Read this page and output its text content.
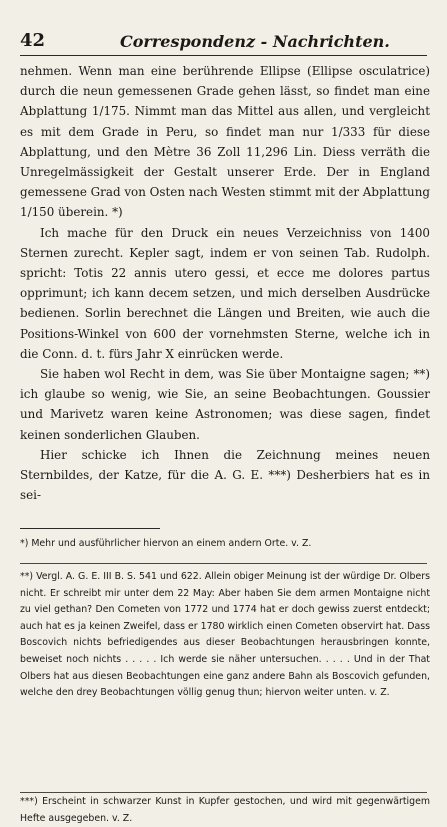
42	Correspondenz - Nachrichten.

nehmen. Wenn man eine berührende Ellipse (Ellipse osculatrice) durch die neun gemessenen Grade gehen lässt, so findet man eine Abplattung 1/175. Nimmt man das Mittel aus allen, und vergleicht es mit dem Grade in Peru, so findet man nur 1/333 für diese Abplattung, und den Mètre 36 Zoll 11,296 Lin. Diess verräth die Unregelmässigkeit der Gestalt unserer Erde. Der in England gemessene Grad von Osten nach Westen stimmt mit der Abplattung 1/150 überein. *)

Ich mache für den Druck ein neues Verzeichniss von 1400 Sternen zurecht. Kepler sagt, indem er von seinen Tab. Rudolph. spricht: Totis 22 annis utero gessi, et ecce me dolores partus opprimunt; ich kann decem setzen, und mich derselben Ausdrücke bedienen. Sorlin berechnet die Längen und Breiten, wie auch die Positions-Winkel von 600 der vornehmsten Sterne, welche ich in die Conn. d. t. fürs Jahr X einrücken werde.

Sie haben wol Recht in dem, was Sie über Montaigne sagen; **) ich glaube so wenig, wie Sie, an seine Beobachtungen. Goussier und Marivetz waren keine Astronomen; was diese sagen, findet keinen sonderlichen Glauben.

Hier schicke ich Ihnen die Zeichnung meines neuen Sternbildes, der Katze, für die A. G. E. ***) Desherbiers hat es in sei-

*) Mehr und ausführlicher hiervon an einem andern Orte. v. Z.

**) Vergl. A. G. E. III B. S. 541 und 622. Allein obiger Meinung ist der würdige Dr. Olbers nicht. Er schreibt mir unter dem 22 May: Aber haben Sie dem armen Montaigne nicht zu viel gethan? Den Cometen von 1772 und 1774 hat er doch gewiss zuerst entdeckt; auch hat es ja keinen Zweifel, dass er 1780 wirklich einen Cometen observirt hat. Dass Boscovich nichts befriedigendes aus dieser Beobachtungen herausbringen konnte, beweiset noch nichts . . . . . Ich werde sie näher untersuchen. . . . . Und in der That Olbers hat aus diesen Beobachtungen eine ganz andere Bahn als Boscovich gefunden, welche den drey Beobachtungen völlig genug thun; hiervon weiter unten. v. Z.

***) Erscheint in schwarzer Kunst in Kupfer gestochen, und wird mit gegenwärtigem Hefte ausgegeben. v. Z.
